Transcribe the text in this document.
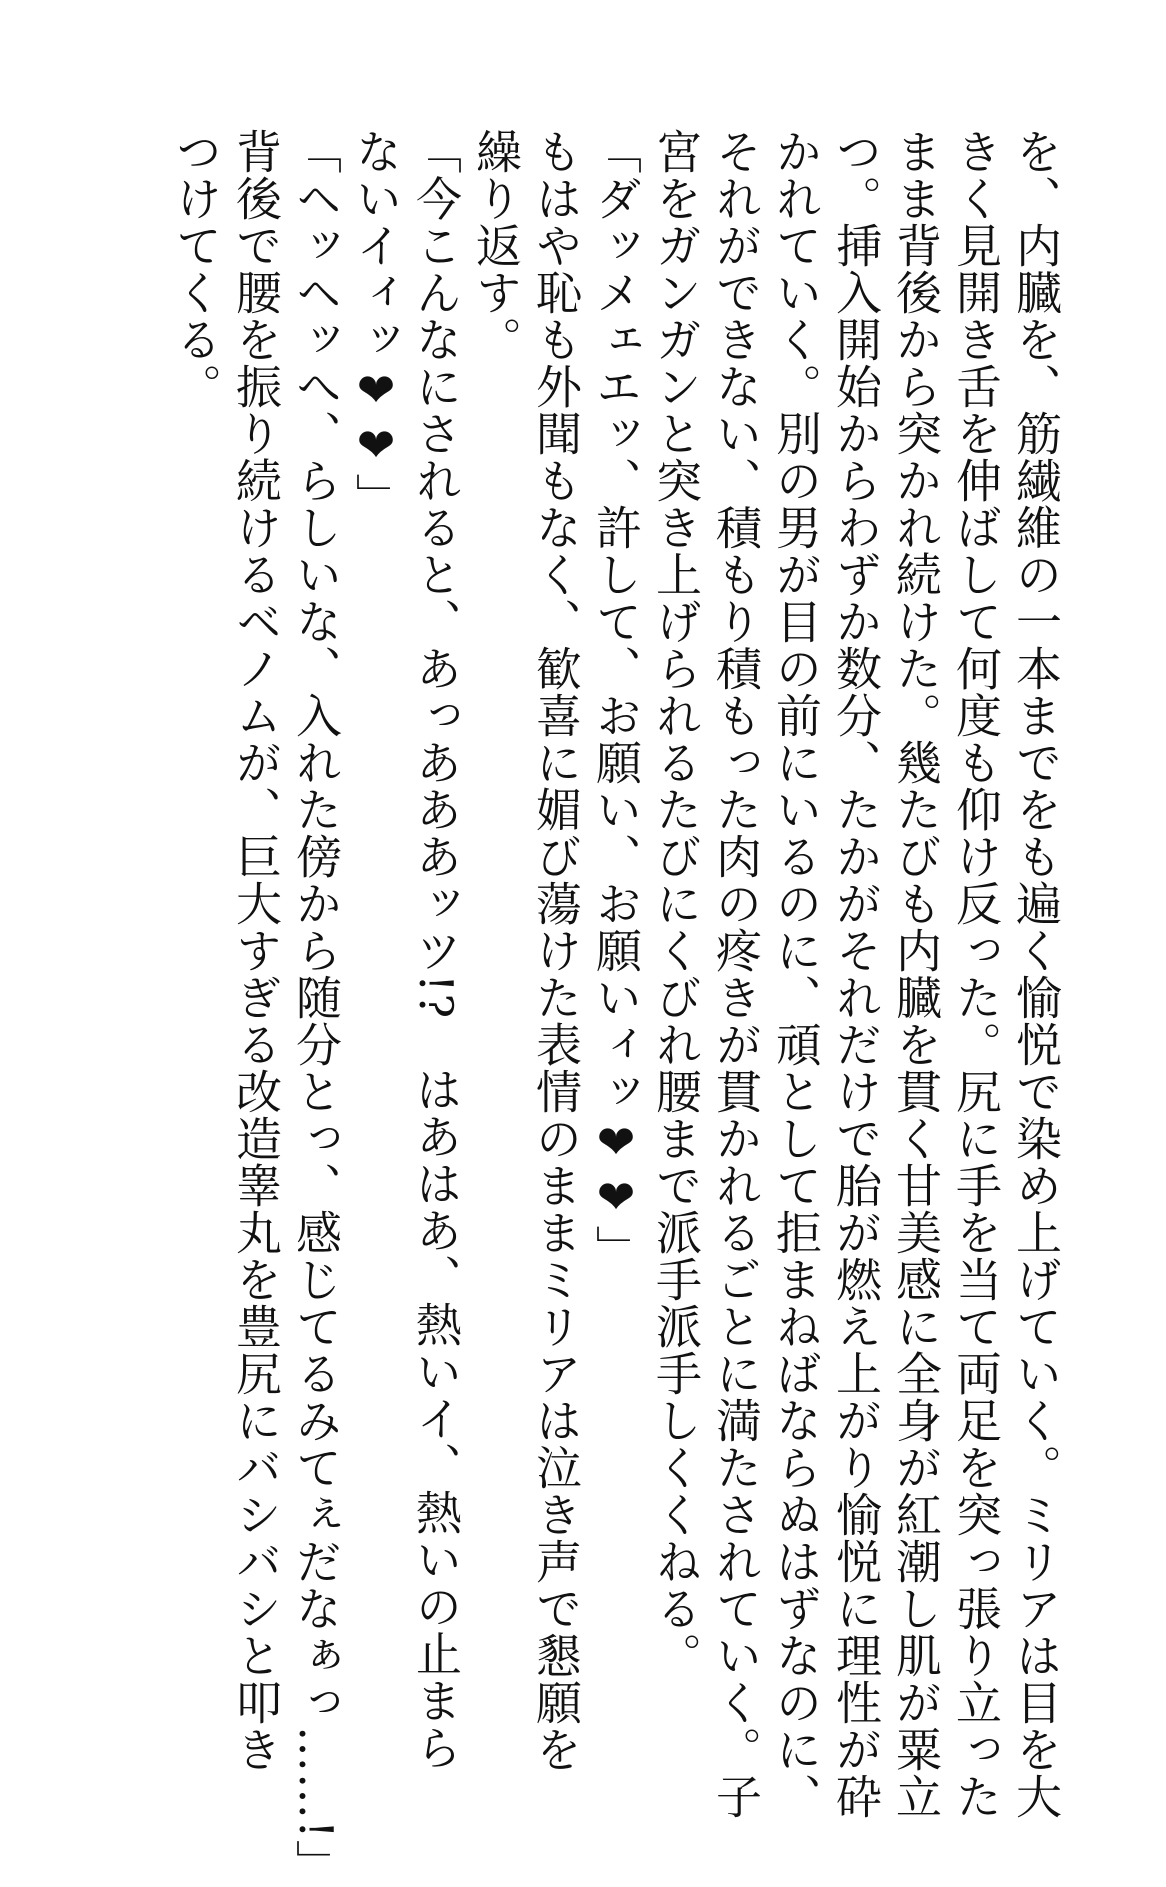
を、内臓を、筋繊維の一本までをも遍く愉悦で染め上げていく。ミリアは目を大
きく見開き舌を伸ばして何度も仰け反った。尻に手を当て両足を突っ張り立った
まま背後から突かれ続けた。幾たびも内臓を貫く甘美感に全身が紅潮し肌が粟立
つ。挿入開始からわずか数分、たかがそれだけで胎が燃え上がり愉悦に理性が砕
かれていく。別の男が目の前にいるのに、頑として拒まねばならぬはずなのに、
それができない、積もり積もった肉の疼きが貫かれるごとに満たされていく。子
宮をガンガンと突き上げられるたびにくびれ腰まで派手派手しくくねる。
「ダッメェエッ、許して、お願い、お願いィッ❤❤」
もはや恥も外聞もなく、歓喜に媚び蕩けた表情のままミリアは泣き声で懇願を
繰り返す。
「今こんなにされると、あっあああッツ!?　はあはあ、熱いイ、熱いの止まら
ないイィッ❤❤」
「ヘッヘッへ、らしいな、入れた傍から随分とっ、感じてるみてぇだなぁっ……!」
背後で腰を振り続けるベノムが、巨大すぎる改造睾丸を豊尻にバシバシと叩き
つけてくる。
